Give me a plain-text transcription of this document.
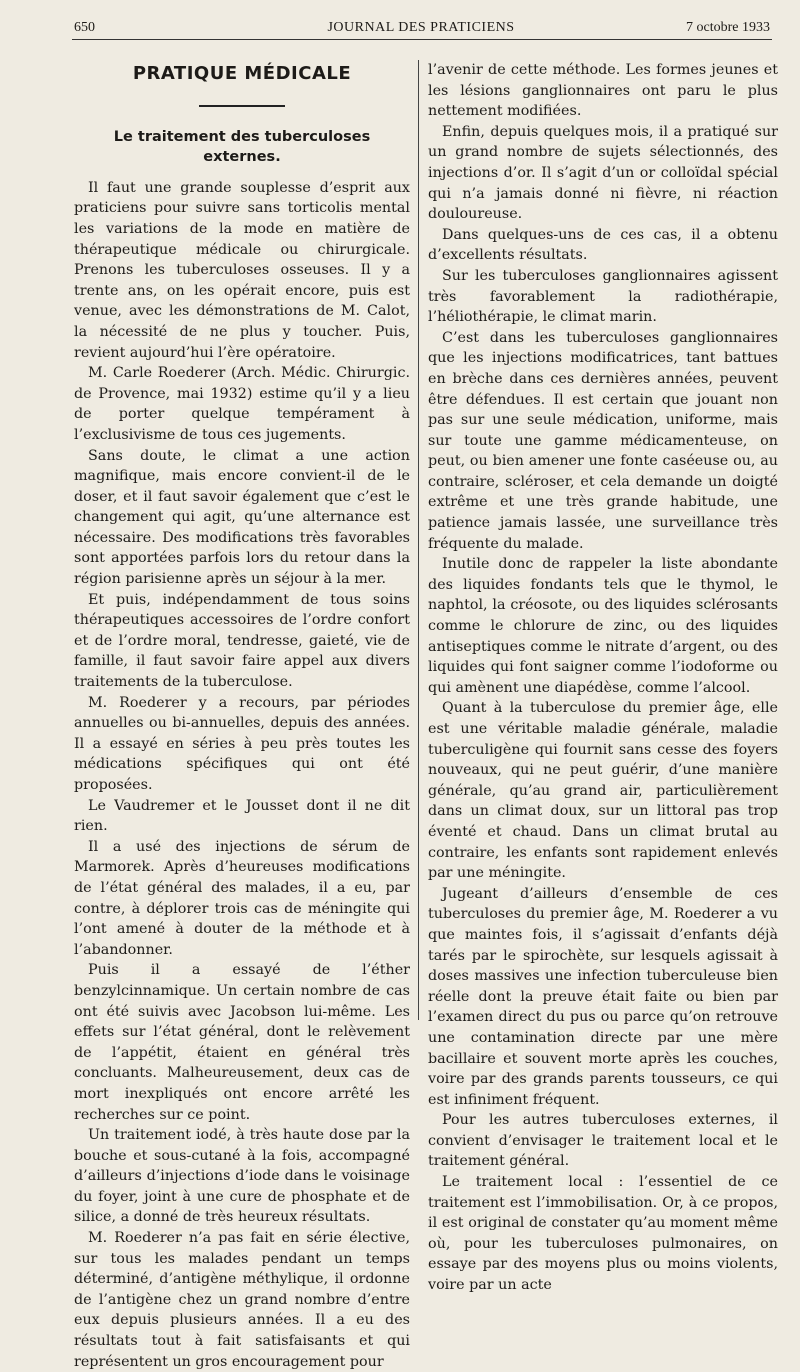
650	JOURNAL DES PRATICIENS	7 octobre 1933
PRATIQUE MÉDICALE
Le traitement des tuberculoses externes.

Il faut une grande souplesse d’esprit aux praticiens pour suivre sans torticolis mental les variations de la mode en matière de thérapeutique médicale ou chirurgicale. Prenons les tuberculoses osseuses. Il y a trente ans, on les opérait encore, puis est venue, avec les démonstrations de M. Calot, la nécessité de ne plus y toucher. Puis, revient aujourd’hui l’ère opératoire.

M. Carle Roederer (Arch. Médic. Chirurgic. de Provence, mai 1932) estime qu’il y a lieu de porter quelque tempérament à l’exclusivisme de tous ces jugements.

Sans doute, le climat a une action magnifique, mais encore convient-il de le doser, et il faut savoir également que c’est le changement qui agit, qu’une alternance est nécessaire. Des modifications très favorables sont apportées parfois lors du retour dans la région parisienne après un séjour à la mer.

Et puis, indépendamment de tous soins thérapeutiques accessoires de l’ordre confort et de l’ordre moral, tendresse, gaieté, vie de famille, il faut savoir faire appel aux divers traitements de la tuberculose.

M. Roederer y a recours, par périodes annuelles ou bi-annuelles, depuis des années. Il a essayé en séries à peu près toutes les médications spécifiques qui ont été proposées.

Le Vaudremer et le Jousset dont il ne dit rien.

Il a usé des injections de sérum de Marmorek. Après d’heureuses modifications de l’état général des malades, il a eu, par contre, à déplorer trois cas de méningite qui l’ont amené à douter de la méthode et à l’abandonner.

Puis il a essayé de l’éther benzylcinnamique. Un certain nombre de cas ont été suivis avec Jacobson lui-même. Les effets sur l’état général, dont le relèvement de l’appétit, étaient en général très concluants. Malheureusement, deux cas de mort inexpliqués ont encore arrêté les recherches sur ce point.

Un traitement iodé, à très haute dose par la bouche et sous-cutané à la fois, accompagné d’ailleurs d’injections d’iode dans le voisinage du foyer, joint à une cure de phosphate et de silice, a donné de très heureux résultats.

M. Roederer n’a pas fait en série élective, sur tous les malades pendant un temps déterminé, d’antigène méthylique, il ordonne de l’antigène chez un grand nombre d’entre eux depuis plusieurs années. Il a eu des résultats tout à fait satisfaisants et qui représentent un gros encouragement pour

l’avenir de cette méthode. Les formes jeunes et les lésions ganglionnaires ont paru le plus nettement modifiées.

Enfin, depuis quelques mois, il a pratiqué sur un grand nombre de sujets sélectionnés, des injections d’or. Il s’agit d’un or colloïdal spécial qui n’a jamais donné ni fièvre, ni réaction douloureuse.

Dans quelques-uns de ces cas, il a obtenu d’excellents résultats.

Sur les tuberculoses ganglionnaires agissent très favorablement la radiothérapie, l’héliothérapie, le climat marin.

C’est dans les tuberculoses ganglionnaires que les injections modificatrices, tant battues en brèche dans ces dernières années, peuvent être défendues. Il est certain que jouant non pas sur une seule médication, uniforme, mais sur toute une gamme médicamenteuse, on peut, ou bien amener une fonte caséeuse ou, au contraire, scléroser, et cela demande un doigté extrême et une très grande habitude, une patience jamais lassée, une surveillance très fréquente du malade.

Inutile donc de rappeler la liste abondante des liquides fondants tels que le thymol, le naphtol, la créosote, ou des liquides sclérosants comme le chlorure de zinc, ou des liquides antiseptiques comme le nitrate d’argent, ou des liquides qui font saigner comme l’iodoforme ou qui amènent une diapédèse, comme l’alcool.

Quant à la tuberculose du premier âge, elle est une véritable maladie générale, maladie tuberculigène qui fournit sans cesse des foyers nouveaux, qui ne peut guérir, d’une manière générale, qu’au grand air, particulièrement dans un climat doux, sur un littoral pas trop éventé et chaud. Dans un climat brutal au contraire, les enfants sont rapidement enlevés par une méningite.

Jugeant d’ailleurs d’ensemble de ces tuberculoses du premier âge, M. Roederer a vu que maintes fois, il s’agissait d’enfants déjà tarés par le spirochète, sur lesquels agissait à doses massives une infection tuberculeuse bien réelle dont la preuve était faite ou bien par l’examen direct du pus ou parce qu’on retrouve une contamination directe par une mère bacillaire et souvent morte après les couches, voire par des grands parents tousseurs, ce qui est infiniment fréquent.

Pour les autres tuberculoses externes, il convient d’envisager le traitement local et le traitement général.

Le traitement local : l’essentiel de ce traitement est l’immobilisation. Or, à ce propos, il est original de constater qu’au moment même où, pour les tuberculoses pulmonaires, on essaye par des moyens plus ou moins violents, voire par un acte
